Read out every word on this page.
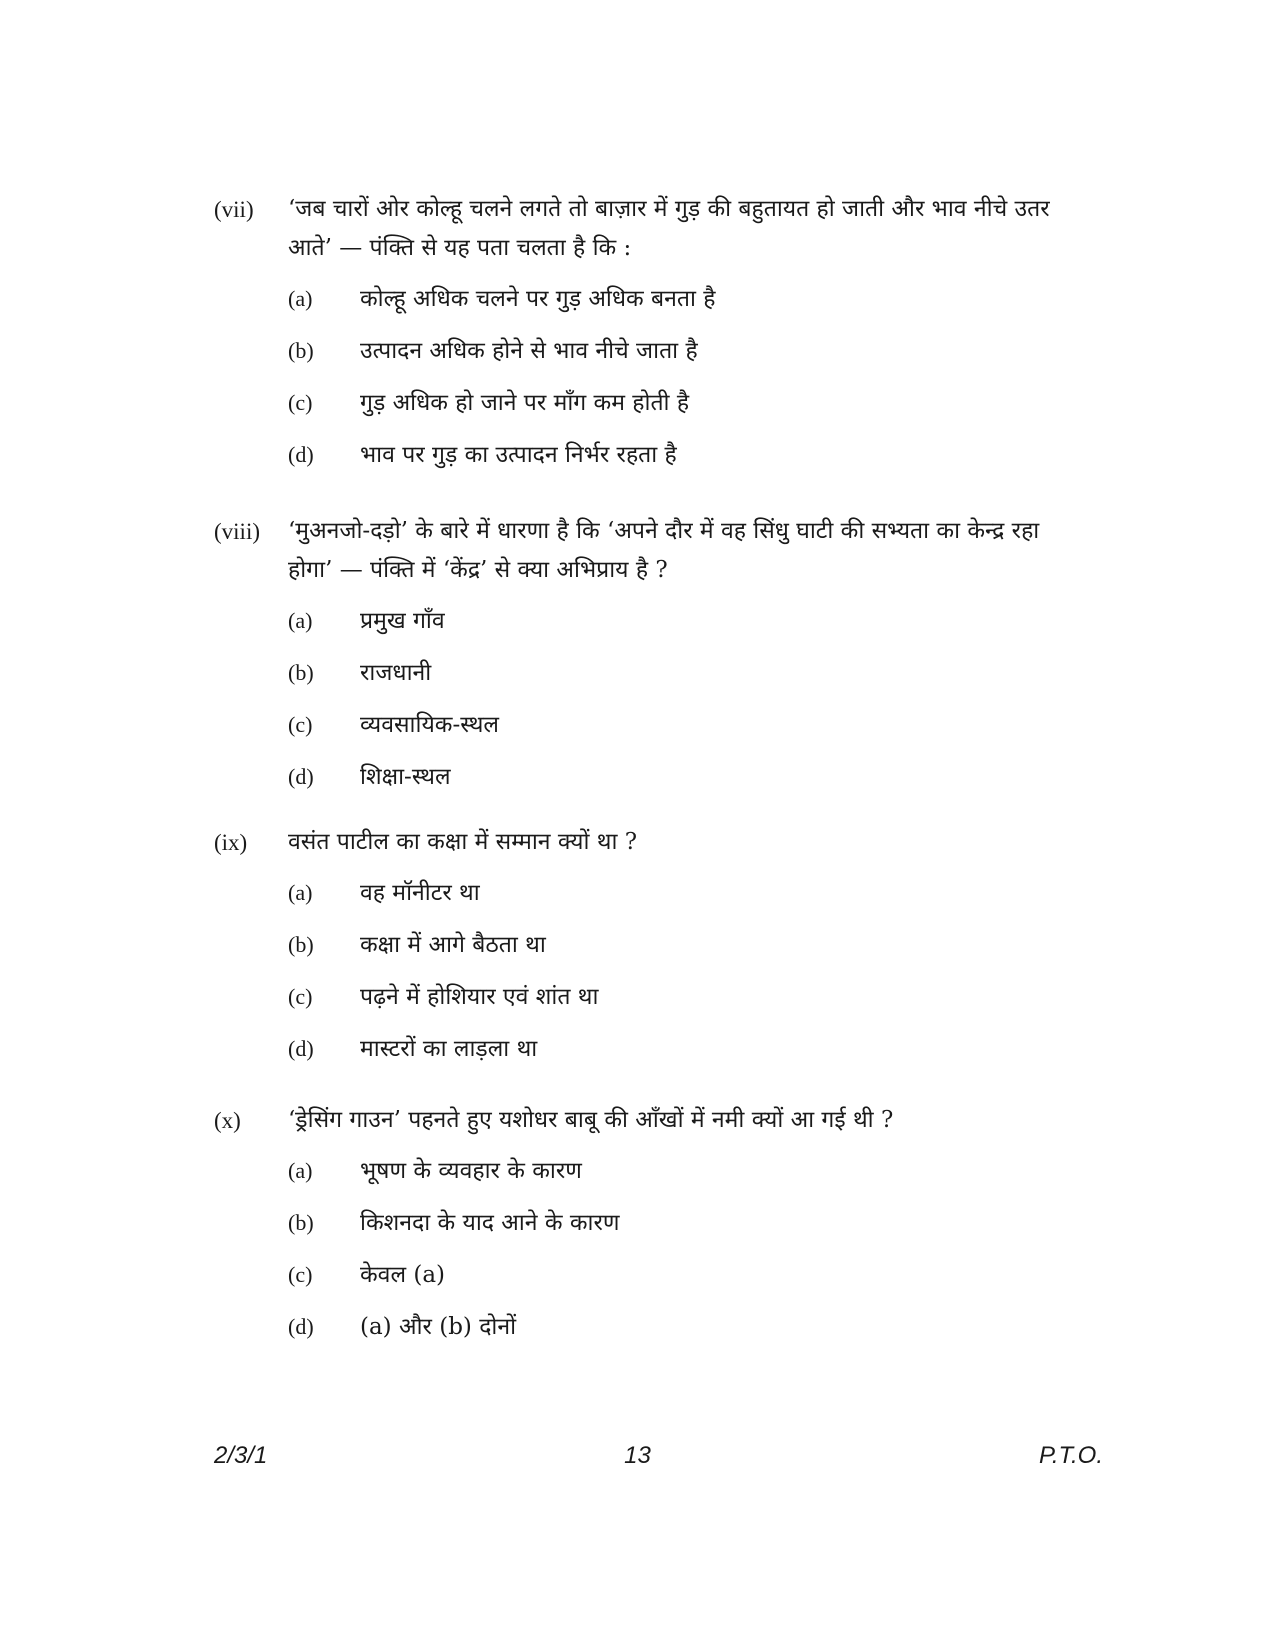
(vii)	‘जब चारों ओर कोल्हू चलने लगते तो बाज़ार में गुड़ की बहुतायत हो जाती और भाव नीचे उतर आते’ — पंक्ति से यह पता चलता है कि :
(a)	कोल्हू अधिक चलने पर गुड़ अधिक बनता है
(b)	उत्पादन अधिक होने से भाव नीचे जाता है
(c)	गुड़ अधिक हो जाने पर माँग कम होती है
(d)	भाव पर गुड़ का उत्पादन निर्भर रहता है
(viii)	‘मुअनजो-दड़ो’ के बारे में धारणा है कि ‘अपने दौर में वह सिंधु घाटी की सभ्यता का केन्द्र रहा होगा’ — पंक्ति में ‘केंद्र’ से क्या अभिप्राय है ?
(a)	प्रमुख गाँव
(b)	राजधानी
(c)	व्यवसायिक-स्थल
(d)	शिक्षा-स्थल
(ix)	वसंत पाटील का कक्षा में सम्मान क्यों था ?
(a)	वह मॉनीटर था
(b)	कक्षा में आगे बैठता था
(c)	पढ़ने में होशियार एवं शांत था
(d)	मास्टरों का लाड़ला था
(x)	‘ड्रेसिंग गाउन’ पहनते हुए यशोधर बाबू की आँखों में नमी क्यों आ गई थी ?
(a)	भूषण के व्यवहार के कारण
(b)	किशनदा के याद आने के कारण
(c)	केवल (a)
(d)	(a) और (b) दोनों
13
2/3/1	P.T.O.
